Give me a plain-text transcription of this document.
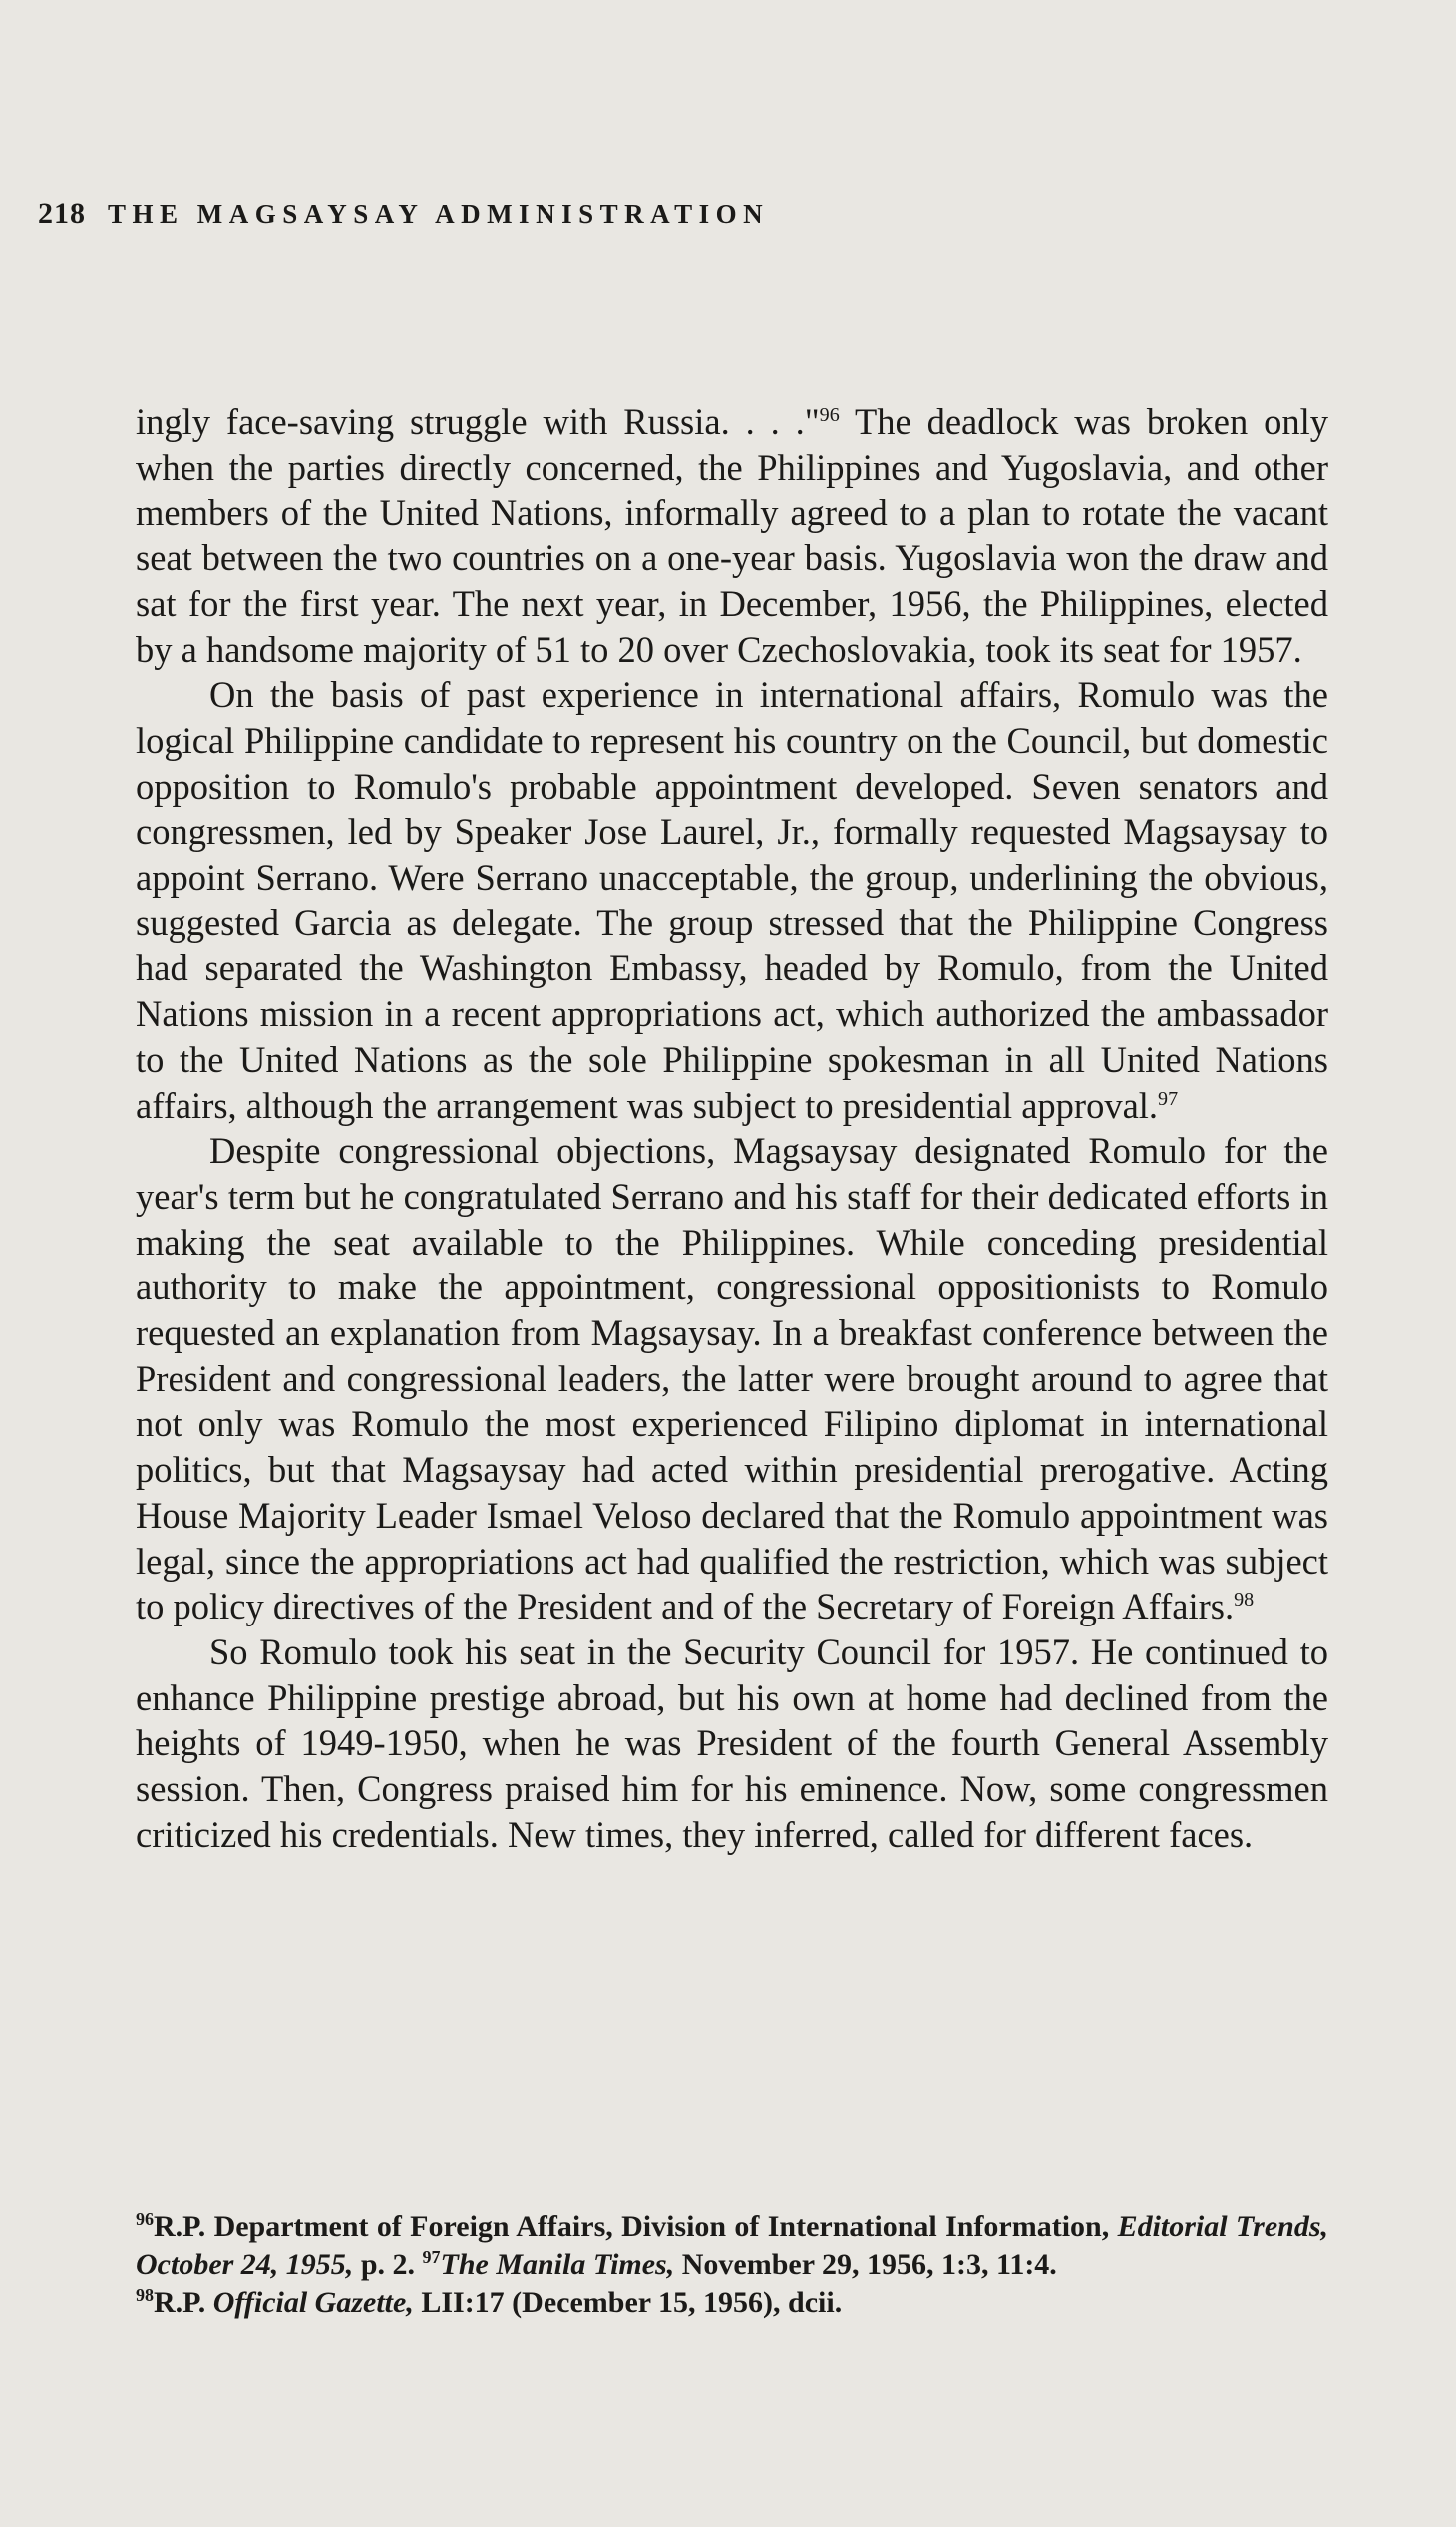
218 THE MAGSAYSAY ADMINISTRATION

ingly face-saving struggle with Russia. . . ."$^{96}$ The deadlock was broken only when the parties directly concerned, the Philippines and Yugoslavia, and other members of the United Nations, informally agreed to a plan to rotate the vacant seat between the two countries on a one-year basis. Yugoslavia won the draw and sat for the first year. The next year, in December, 1956, the Philippines, elected by a handsome majority of 51 to 20 over Czechoslovakia, took its seat for 1957.

On the basis of past experience in international affairs, Romulo was the logical Philippine candidate to represent his country on the Council, but domestic opposition to Romulo's probable appointment developed. Seven senators and congressmen, led by Speaker Jose Laurel, Jr., formally requested Magsaysay to appoint Serrano. Were Serrano unacceptable, the group, underlining the obvious, suggested Garcia as delegate. The group stressed that the Philippine Congress had separated the Washington Embassy, headed by Romulo, from the United Nations mission in a recent appropriations act, which authorized the ambassador to the United Nations as the sole Philippine spokesman in all United Nations affairs, although the arrangement was subject to presidential approval.$^{97}$

Despite congressional objections, Magsaysay designated Romulo for the year's term but he congratulated Serrano and his staff for their dedicated efforts in making the seat available to the Philippines. While conceding presidential authority to make the appointment, congressional oppositionists to Romulo requested an explanation from Magsaysay. In a breakfast conference between the President and congressional leaders, the latter were brought around to agree that not only was Romulo the most experienced Filipino diplomat in international politics, but that Magsaysay had acted within presidential prerogative. Acting House Majority Leader Ismael Veloso declared that the Romulo appointment was legal, since the appropriations act had qualified the restriction, which was subject to policy directives of the President and of the Secretary of Foreign Affairs.$^{98}$

So Romulo took his seat in the Security Council for 1957. He continued to enhance Philippine prestige abroad, but his own at home had declined from the heights of 1949-1950, when he was President of the fourth General Assembly session. Then, Congress praised him for his eminence. Now, some congressmen criticized his credentials. New times, they inferred, called for different faces.

$^{96}$R.P. Department of Foreign Affairs, Division of International Information, Editorial Trends, October 24, 1955, p. 2. $^{97}$The Manila Times, November 29, 1956, 1:3, 11:4.

$^{98}$R.P. Official Gazette, LII:17 (December 15, 1956), dcii.
